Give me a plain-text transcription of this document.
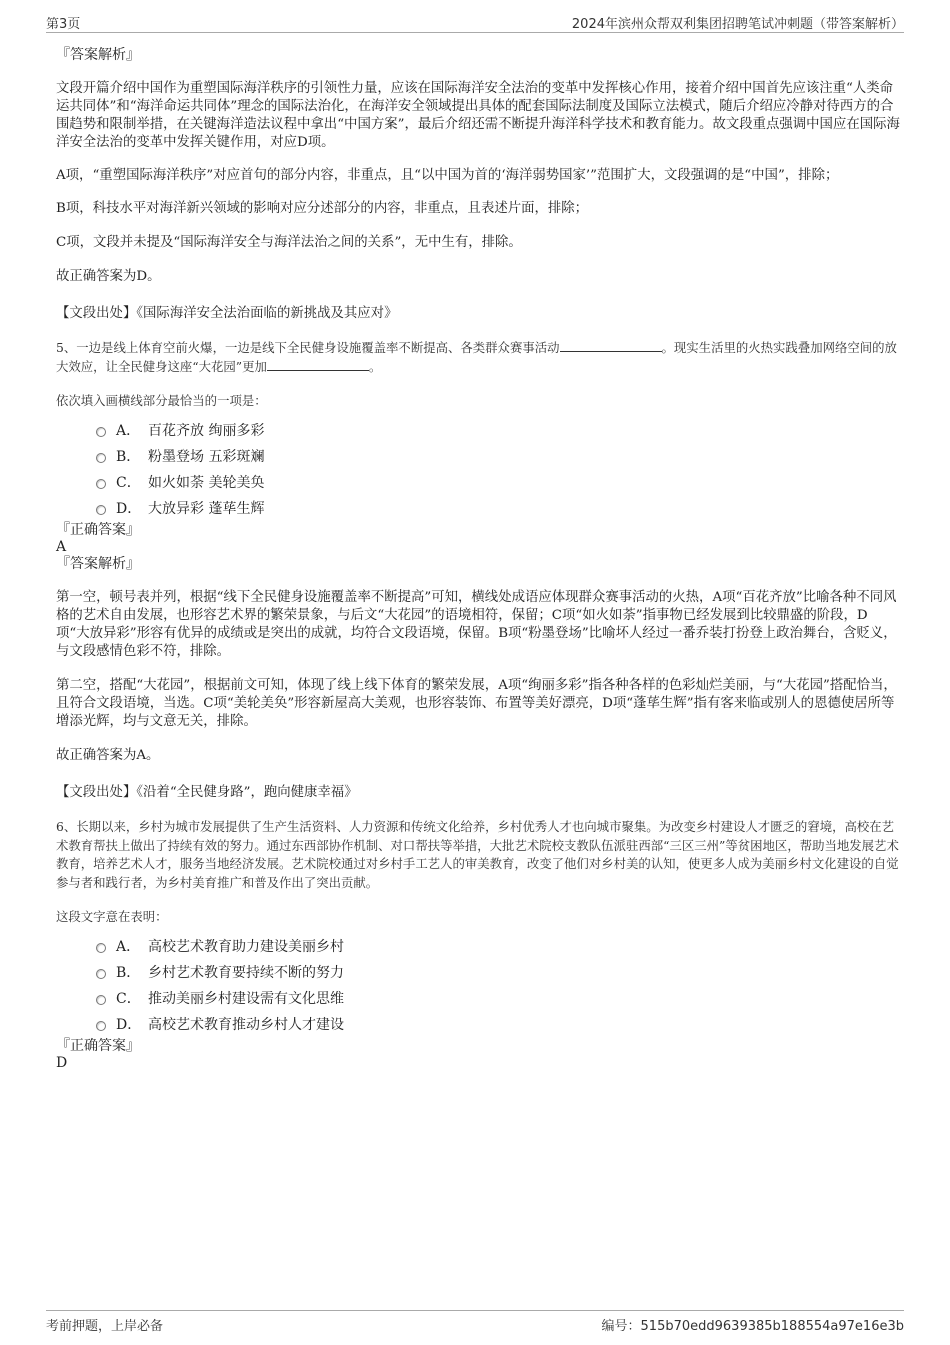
第3页	2024年滨州众帮双利集团招聘笔试冲刺题（带答案解析）

『答案解析』

文段开篇介绍中国作为重塑国际海洋秩序的引领性力量，应该在国际海洋安全法治的变革中发挥核心作用，接着介绍中国首先应该注重“人类命运共同体”和“海洋命运共同体”理念的国际法治化，在海洋安全领域提出具体的配套国际法制度及国际立法模式，随后介绍应冷静对待西方的合围趋势和限制举措，在关键海洋造法议程中拿出“中国方案”，最后介绍还需不断提升海洋科学技术和教育能力。故文段重点强调中国应在国际海洋安全法治的变革中发挥关键作用，对应D项。

A项，“重塑国际海洋秩序”对应首句的部分内容，非重点，且“以中国为首的‘海洋弱势国家’”范围扩大，文段强调的是“中国”，排除；

B项，科技水平对海洋新兴领域的影响对应分述部分的内容，非重点，且表述片面，排除；

C项，文段并未提及“国际海洋安全与海洋法治之间的关系”，无中生有，排除。

故正确答案为D。

【文段出处】《国际海洋安全法治面临的新挑战及其应对》

5、一边是线上体育空前火爆，一边是线下全民健身设施覆盖率不断提高、各类群众赛事活动	。现实生活里的火热实践叠加网络空间的放大效应，让全民健身这座“大花园”更加	。

依次填入画横线部分最恰当的一项是：

A． 百花齐放 绚丽多彩
B． 粉墨登场 五彩斑斓
C． 如火如荼 美轮美奂
D． 大放异彩 蓬荜生辉

『正确答案』

A

『答案解析』

第一空，顿号表并列，根据“线下全民健身设施覆盖率不断提高”可知，横线处成语应体现群众赛事活动的火热，A项“百花齐放”比喻各种不同风格的艺术自由发展，也形容艺术界的繁荣景象，与后文“大花园”的语境相符，保留；C项“如火如荼”指事物已经发展到比较鼎盛的阶段，D项“大放异彩”形容有优异的成绩或是突出的成就，均符合文段语境，保留。B项“粉墨登场”比喻坏人经过一番乔装打扮登上政治舞台，含贬义，与文段感情色彩不符，排除。

第二空，搭配“大花园”，根据前文可知，体现了线上线下体育的繁荣发展，A项“绚丽多彩”指各种各样的色彩灿烂美丽，与“大花园”搭配恰当，且符合文段语境，当选。C项“美轮美奂”形容新屋高大美观，也形容装饰、布置等美好漂亮，D项“蓬荜生辉”指有客来临或别人的恩德使居所等增添光辉，均与文意无关，排除。

故正确答案为A。

【文段出处】《沿着“全民健身路”，跑向健康幸福》

6、长期以来，乡村为城市发展提供了生产生活资料、人力资源和传统文化给养，乡村优秀人才也向城市聚集。为改变乡村建设人才匮乏的窘境，高校在艺术教育帮扶上做出了持续有效的努力。通过东西部协作机制、对口帮扶等举措，大批艺术院校支教队伍派驻西部“三区三州”等贫困地区，帮助当地发展艺术教育，培养艺术人才，服务当地经济发展。艺术院校通过对乡村手工艺人的审美教育，改变了他们对乡村美的认知，使更多人成为美丽乡村文化建设的自觉参与者和践行者，为乡村美育推广和普及作出了突出贡献。

这段文字意在表明：

A． 高校艺术教育助力建设美丽乡村
B． 乡村艺术教育要持续不断的努力
C． 推动美丽乡村建设需有文化思维
D． 高校艺术教育推动乡村人才建设

『正确答案』

D

考前押题，上岸必备	编号：515b70edd9639385b188554a97e16e3b
